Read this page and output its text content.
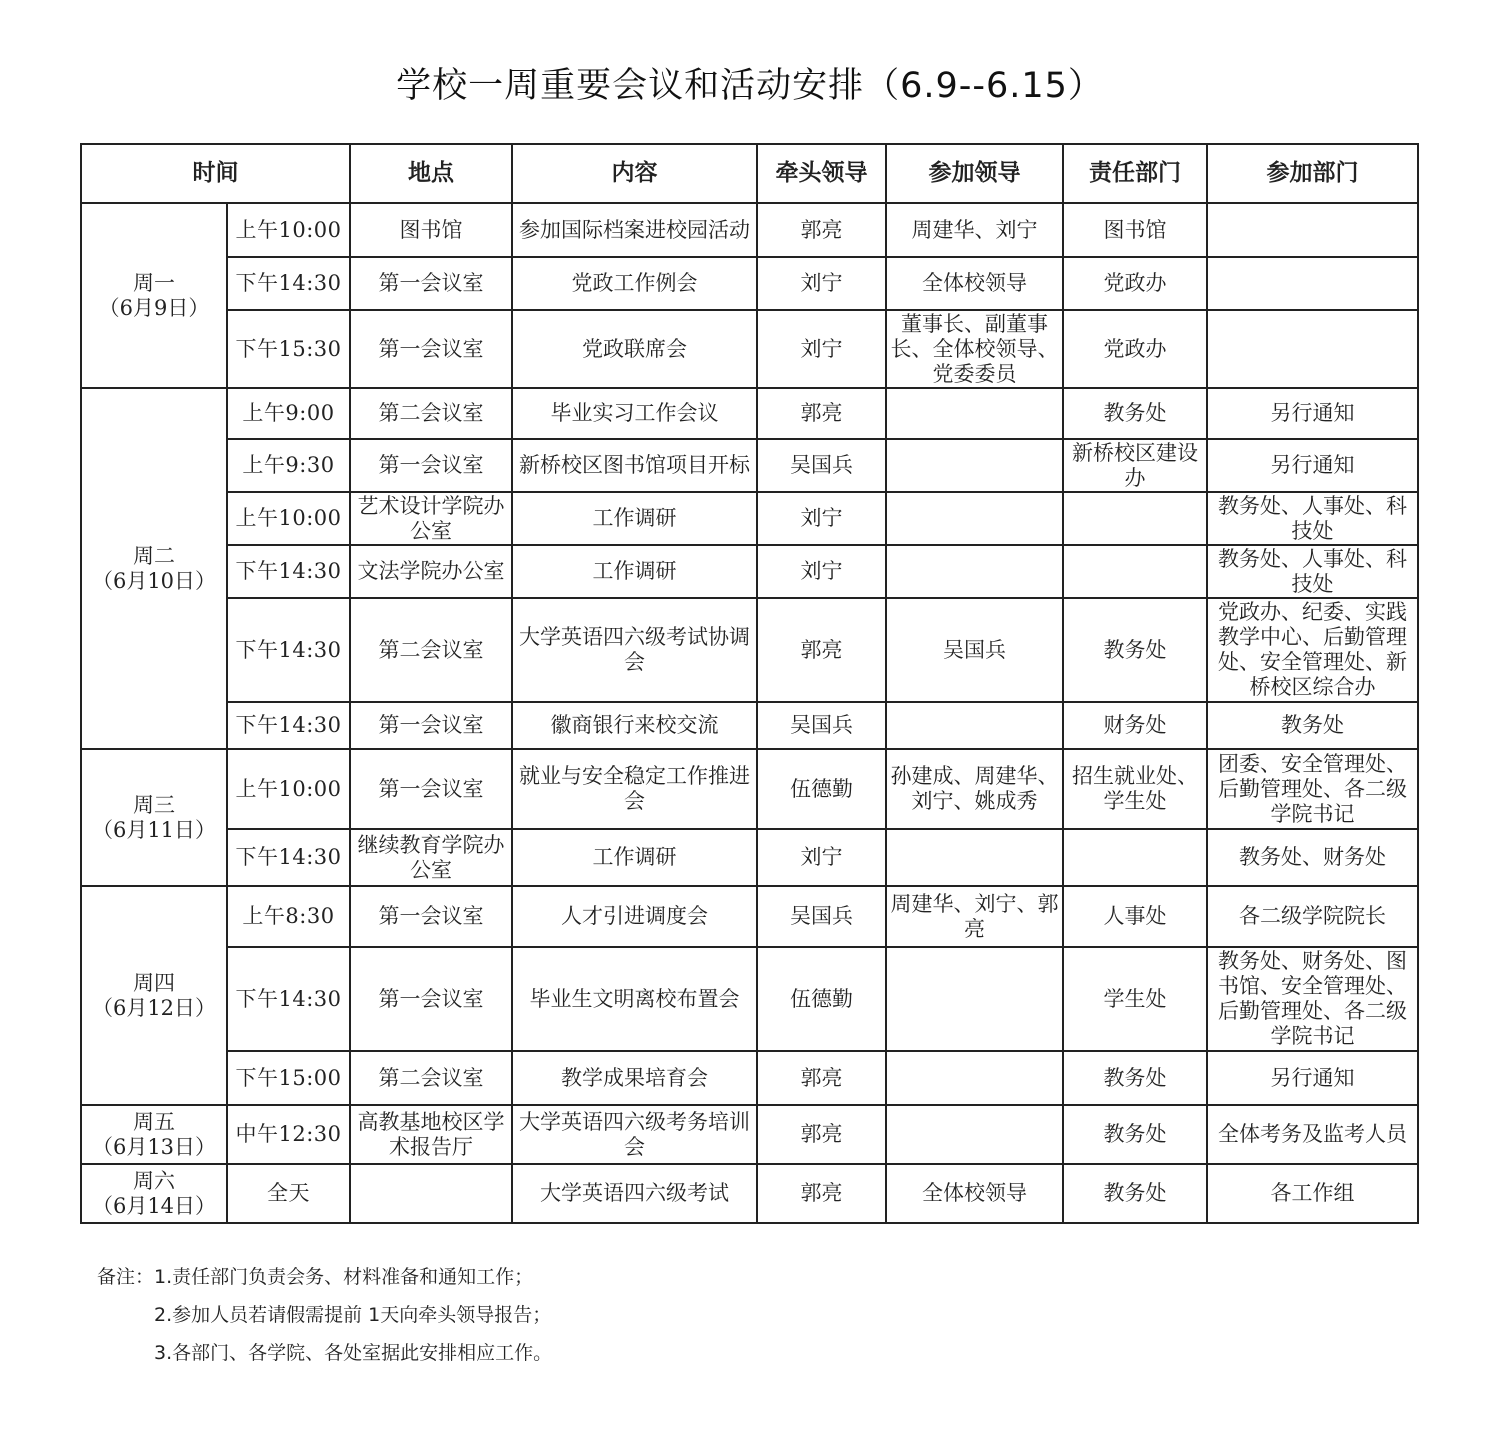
学校一周重要会议和活动安排（6.9--6.15）
时间		地点	内容	牵头领导	参加领导	责任部门	参加部门

周一
（6月9日）	上午10:00	图书馆	参加国际档案进校园活动	郭亮	周建华、刘宁	图书馆	
	下午14:30	第一会议室	党政工作例会	刘宁	全体校领导	党政办	
	下午15:30	第一会议室	党政联席会	刘宁	董事长、副董事长、全体校领导、党委委员	党政办	

周二
（6月10日）	上午9:00	第二会议室	毕业实习工作会议	郭亮		教务处	另行通知
	上午9:30	第一会议室	新桥校区图书馆项目开标	吴国兵		新桥校区建设办	另行通知
	上午10:00	艺术设计学院办公室	工作调研	刘宁			教务处、人事处、科技处
	下午14:30	文法学院办公室	工作调研	刘宁			教务处、人事处、科技处
	下午14:30	第二会议室	大学英语四六级考试协调会	郭亮	吴国兵	教务处	党政办、纪委、实践教学中心、后勤管理处、安全管理处、新桥校区综合办
	下午14:30	第一会议室	徽商银行来校交流	吴国兵		财务处	教务处

周三
（6月11日）	上午10:00	第一会议室	就业与安全稳定工作推进会	伍德勤	孙建成、周建华、刘宁、姚成秀	招生就业处、学生处	团委、安全管理处、后勤管理处、各二级学院书记
	下午14:30	继续教育学院办公室	工作调研	刘宁			教务处、财务处

周四
（6月12日）	上午8:30	第一会议室	人才引进调度会	吴国兵	周建华、刘宁、郭亮	人事处	各二级学院院长
	下午14:30	第一会议室	毕业生文明离校布置会	伍德勤		学生处	教务处、财务处、图书馆、安全管理处、后勤管理处、各二级学院书记
	下午15:00	第二会议室	教学成果培育会	郭亮		教务处	另行通知

周五
（6月13日）	中午12:30	高教基地校区学术报告厅	大学英语四六级考务培训会	郭亮		教务处	全体考务及监考人员

周六
（6月14日）	全天		大学英语四六级考试	郭亮	全体校领导	教务处	各工作组
备注：1.责任部门负责会务、材料准备和通知工作；
2.参加人员若请假需提前 1天向牵头领导报告；
3.各部门、各学院、各处室据此安排相应工作。
